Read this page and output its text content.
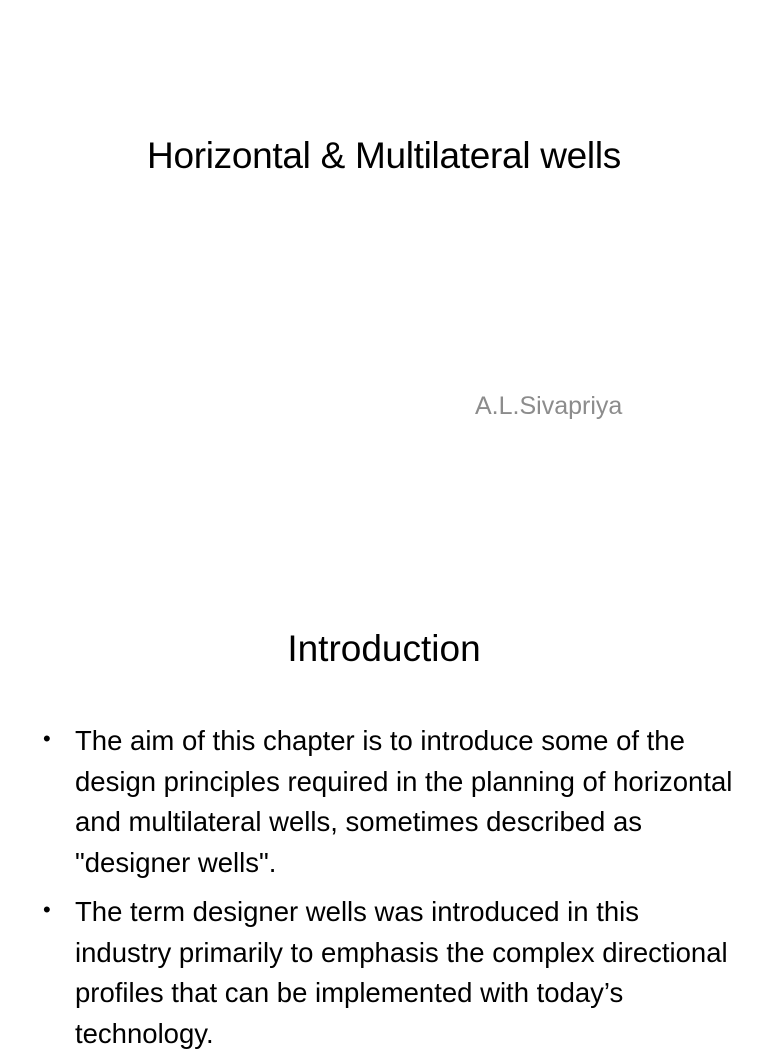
Horizontal & Multilateral wells
A.L.Sivapriya
Introduction
• The aim of this chapter is to introduce some of the design principles required in the planning of horizontal and multilateral wells, sometimes described as "designer wells".
• The term designer wells was introduced in this industry primarily to emphasis the complex directional profiles that can be implemented with today’s technology.
